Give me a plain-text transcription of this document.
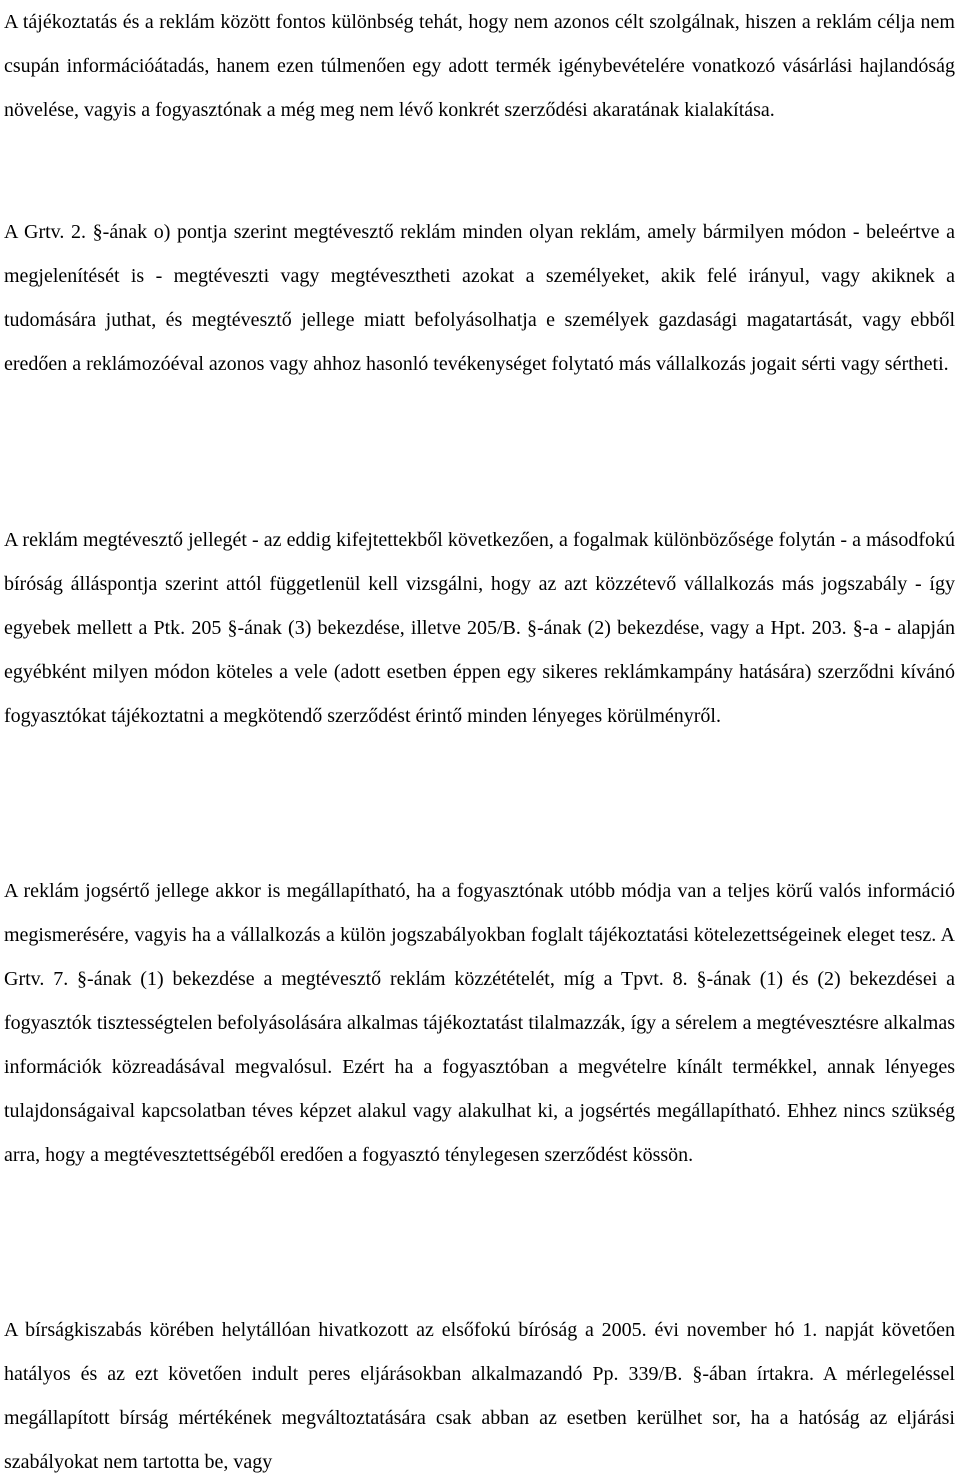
A tájékoztatás és a reklám között fontos különbség tehát, hogy nem azonos célt szolgálnak, hiszen a reklám célja nem csupán információátadás, hanem ezen túlmenően egy adott termék igénybevételére vonatkozó vásárlási hajlandóság növelése, vagyis a fogyasztónak a még meg nem lévő konkrét szerződési akaratának kialakítása.

A Grtv. 2. §-ának o) pontja szerint megtévesztő reklám minden olyan reklám, amely bármilyen módon - beleértve a megjelenítését is - megtéveszti vagy megtévesztheti azokat a személyeket, akik felé irányul, vagy akiknek a tudomására juthat, és megtévesztő jellege miatt befolyásolhatja e személyek gazdasági magatartását, vagy ebből eredően a reklámozóéval azonos vagy ahhoz hasonló tevékenységet folytató más vállalkozás jogait sérti vagy sértheti.

A reklám megtévesztő jellegét - az eddig kifejtettekből következően, a fogalmak különbözősége folytán - a másodfokú bíróság álláspontja szerint attól függetlenül kell vizsgálni, hogy az azt közzétevő vállalkozás más jogszabály - így egyebek mellett a Ptk. 205 §-ának (3) bekezdése, illetve 205/B. §-ának (2) bekezdése, vagy a Hpt. 203. §-a - alapján egyébként milyen módon köteles a vele (adott esetben éppen egy sikeres reklámkampány hatására) szerződni kívánó fogyasztókat tájékoztatni a megkötendő szerződést érintő minden lényeges körülményről.

A reklám jogsértő jellege akkor is megállapítható, ha a fogyasztónak utóbb módja van a teljes körű valós információ megismerésére, vagyis ha a vállalkozás a külön jogszabályokban foglalt tájékoztatási kötelezettségeinek eleget tesz. A Grtv. 7. §-ának (1) bekezdése a megtévesztő reklám közzétételét, míg a Tpvt. 8. §-ának (1) és (2) bekezdései a fogyasztók tisztességtelen befolyásolására alkalmas tájékoztatást tilalmazzák, így a sérelem a megtévesztésre alkalmas információk közreadásával megvalósul. Ezért ha a fogyasztóban a megvételre kínált termékkel, annak lényeges tulajdonságaival kapcsolatban téves képzet alakul vagy alakulhat ki, a jogsértés megállapítható. Ehhez nincs szükség arra, hogy a megtévesztettségéből eredően a fogyasztó ténylegesen szerződést kössön.

A bírságkiszabás körében helytállóan hivatkozott az elsőfokú bíróság a 2005. évi november hó 1. napját követően hatályos és az ezt követően indult peres eljárásokban alkalmazandó Pp. 339/B. §-ában írtakra. A mérlegeléssel megállapított bírság mértékének megváltoztatására csak abban az esetben kerülhet sor, ha a hatóság az eljárási szabályokat nem tartotta be, vagy
